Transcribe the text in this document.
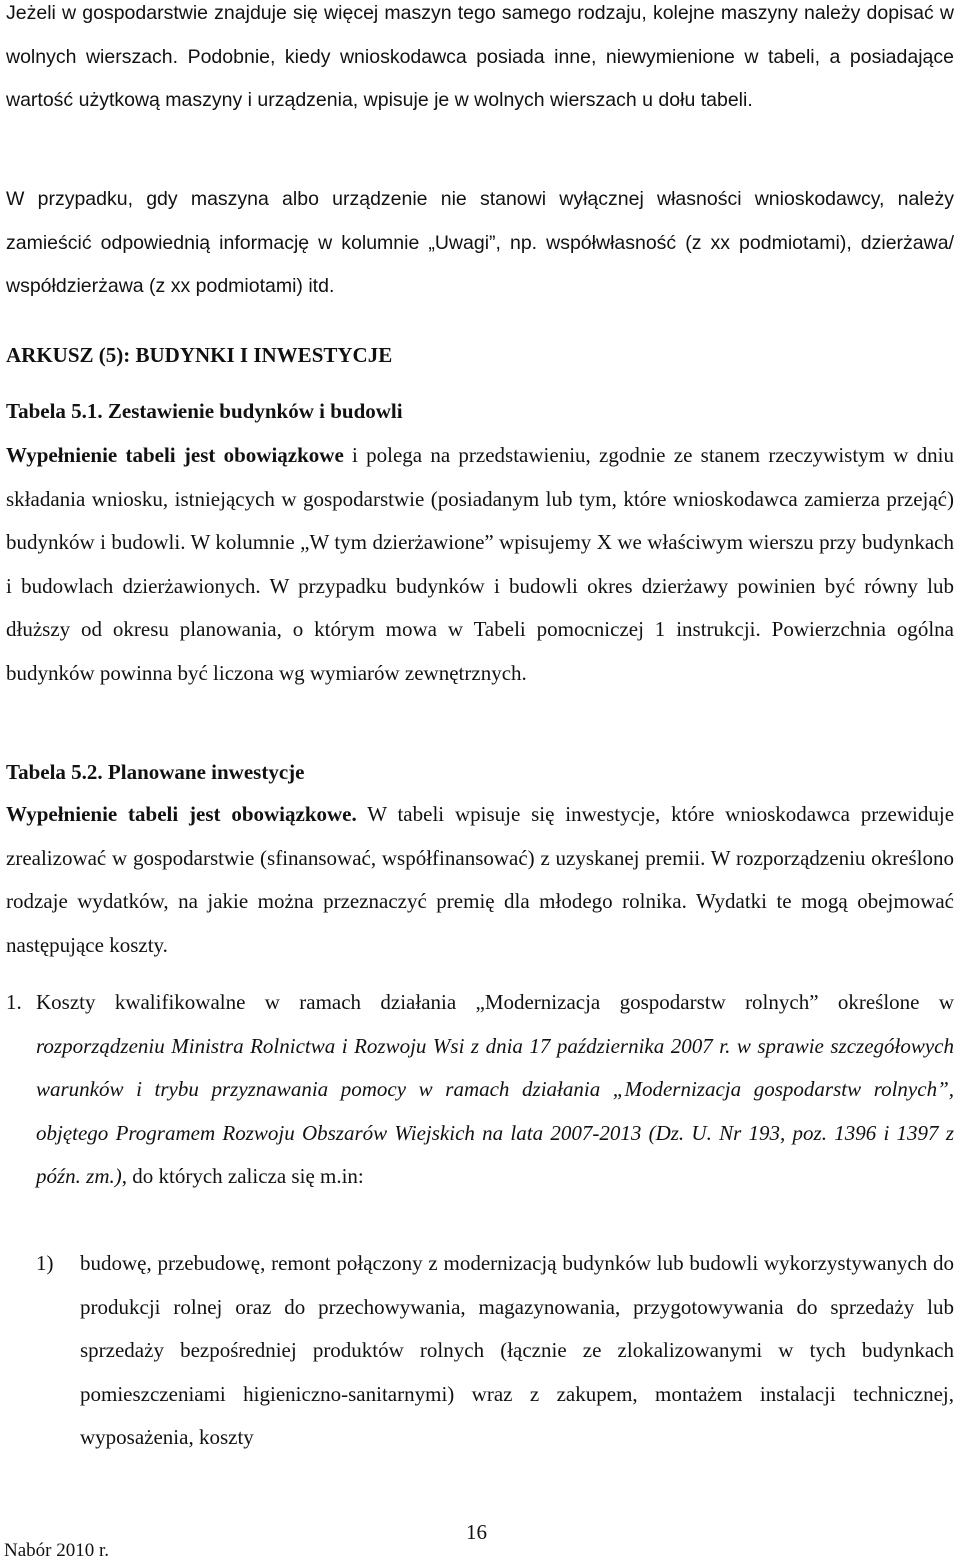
Jeżeli w gospodarstwie znajduje się więcej maszyn tego samego rodzaju, kolejne maszyny należy dopisać w wolnych wierszach. Podobnie, kiedy wnioskodawca posiada inne, niewymienione w tabeli, a posiadające wartość użytkową maszyny i urządzenia, wpisuje je w wolnych wierszach u dołu tabeli.

W przypadku, gdy maszyna albo urządzenie nie stanowi wyłącznej własności wnioskodawcy, należy zamieścić odpowiednią informację w kolumnie „Uwagi”, np. współwłasność (z xx podmiotami), dzierżawa/ współdzierżawa (z xx podmiotami) itd.

ARKUSZ (5): BUDYNKI I INWESTYCJE

Tabela 5.1. Zestawienie budynków i budowli

Wypełnienie tabeli jest obowiązkowe i polega na przedstawieniu, zgodnie ze stanem rzeczywistym w dniu składania wniosku, istniejących w gospodarstwie (posiadanym lub tym, które wnioskodawca zamierza przejąć) budynków i budowli. W kolumnie „W tym dzierżawione” wpisujemy X we właściwym wierszu przy budynkach i budowlach dzierżawionych. W przypadku budynków i budowli okres dzierżawy powinien być równy lub dłuższy od okresu planowania, o którym mowa w Tabeli pomocniczej 1 instrukcji. Powierzchnia ogólna budynków powinna być liczona wg wymiarów zewnętrznych.

Tabela 5.2. Planowane inwestycje

Wypełnienie tabeli jest obowiązkowe. W tabeli wpisuje się inwestycje, które wnioskodawca przewiduje zrealizować w gospodarstwie (sfinansować, współfinansować) z uzyskanej premii. W rozporządzeniu określono rodzaje wydatków, na jakie można przeznaczyć premię dla młodego rolnika. Wydatki te mogą obejmować następujące koszty.

1. Koszty kwalifikowalne w ramach działania „Modernizacja gospodarstw rolnych” określone w rozporządzeniu Ministra Rolnictwa i Rozwoju Wsi z dnia 17 października 2007 r. w sprawie szczegółowych warunków i trybu przyznawania pomocy w ramach działania „Modernizacja gospodarstw rolnych”, objętego Programem Rozwoju Obszarów Wiejskich na lata 2007-2013 (Dz. U. Nr 193, poz. 1396 i 1397 z późn. zm.), do których zalicza się m.in:
1) budowę, przebudowę, remont połączony z modernizacją budynków lub budowli wykorzystywanych do produkcji rolnej oraz do przechowywania, magazynowania, przygotowywania do sprzedaży lub sprzedaży bezpośredniej produktów rolnych (łącznie ze zlokalizowanymi w tych budynkach pomieszczeniami higieniczno-sanitarnymi) wraz z zakupem, montażem instalacji technicznej, wyposażenia, koszty
Nabór 2010 r.
16
